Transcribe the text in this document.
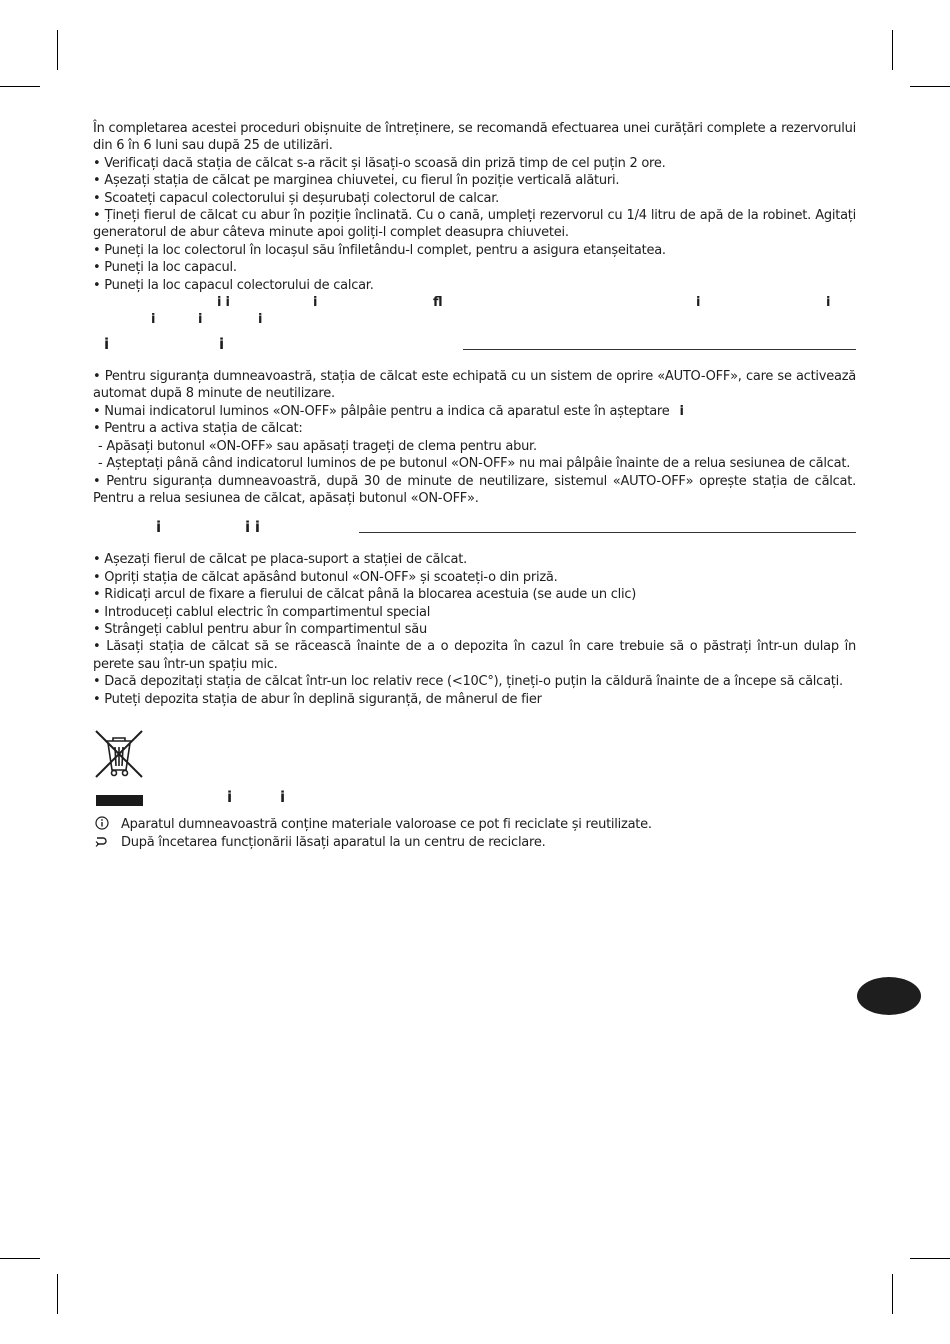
În completarea acestei proceduri obișnuite de întreținere, se recomandă efectuarea unei curățări complete a rezervorului din 6 în 6 luni sau după 25 de utilizări.

• Verificați dacă stația de călcat s-a răcit și lăsați-o scoasă din priză timp de cel puțin 2 ore.

• Așezați stația de călcat pe marginea chiuvetei, cu fierul în poziție verticală alături.

• Scoateți capacul colectorului și deșurubați colectorul de calcar.

• Țineți fierul de călcat cu abur în poziție înclinată. Cu o cană, umpleți rezervorul cu 1/4 litru de apă de la robinet. Agitați generatorul de abur câteva minute apoi goliți-l complet deasupra chiuvetei.

• Puneți la loc colectorul în locașul său înfiletându-l complet, pentru a asigura etanșeitatea.

• Puneți la loc capacul.

• Puneți la loc capacul colectorului de calcar.

i i	i	ﬂ	i	i
i	i	i
i	i

• Pentru siguranța dumneavoastră, stația de călcat este echipată cu un sistem de oprire «AUTO-OFF», care se activează automat după 8 minute de neutilizare.

• Numai indicatorul luminos «ON-OFF» pâlpâie pentru a indica că aparatul este în așteptare i

• Pentru a activa stația de călcat:

- Apăsați butonul «ON-OFF» sau apăsați trageți de clema pentru abur.

- Așteptați până când indicatorul luminos de pe butonul «ON-OFF» nu mai pâlpâie înainte de a relua sesiunea de călcat.

• Pentru siguranța dumneavoastră, după 30 de minute de neutilizare, sistemul «AUTO-OFF» oprește stația de călcat. Pentru a relua sesiunea de călcat, apăsați butonul «ON-OFF».

i	i i

• Așezați fierul de călcat pe placa-suport a stației de călcat.

• Opriți stația de călcat apăsând butonul «ON-OFF» și scoateți-o din priză.

• Ridicați arcul de fixare a fierului de călcat până la blocarea acestuia (se aude un clic)

• Introduceți cablul electric în compartimentul special

• Strângeți cablul pentru abur în compartimentul său

• Lăsați stația de călcat să se răcească înainte de a o depozita în cazul în care trebuie să o păstrați într-un dulap în perete sau într-un spațiu mic.

• Dacă depozitați stația de călcat într-un loc relativ rece (<10C°), țineți-o puțin la căldură înainte de a începe să călcați.

• Puteți depozita stația de abur în deplină siguranță, de mânerul de fier

i	i
Aparatul dumneavoastră conține materiale valoroase ce pot fi reciclate și reutilizate.
După încetarea funcționării lăsați aparatul la un centru de reciclare.
